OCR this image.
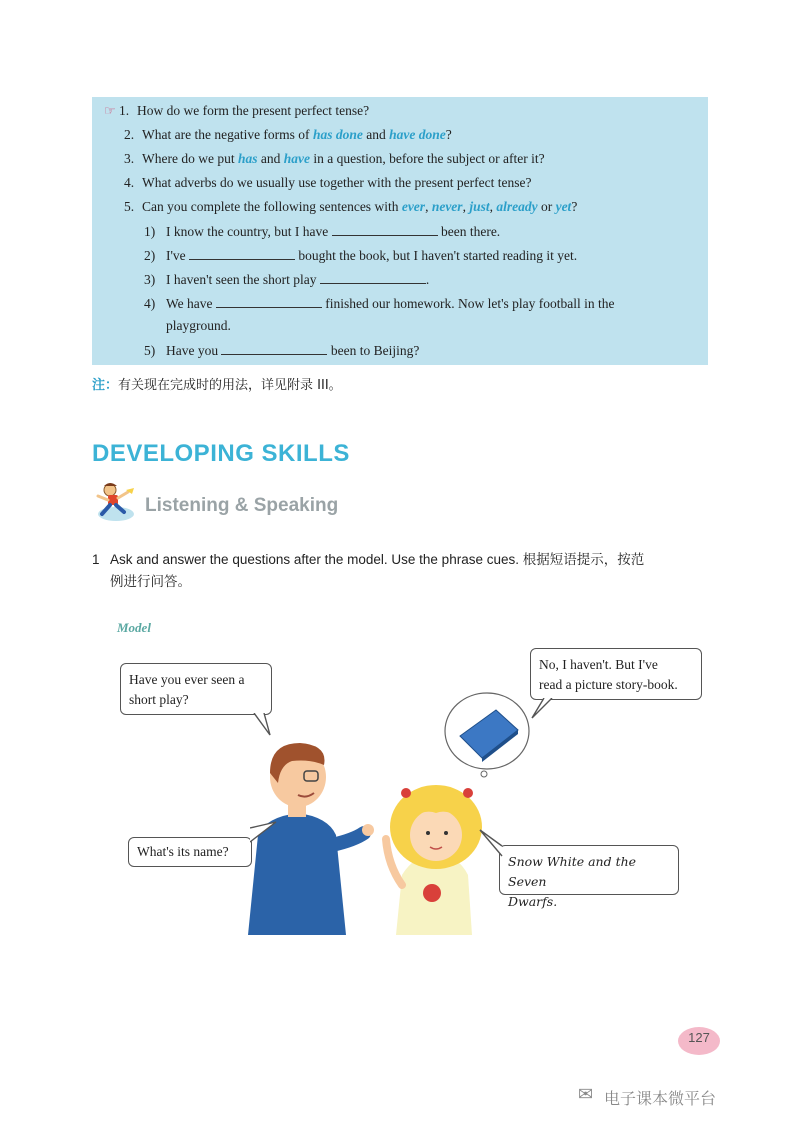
☞ 1. How do we form the present perfect tense?
2. What are the negative forms of has done and have done?
3. Where do we put has and have in a question, before the subject or after it?
4. What adverbs do we usually use together with the present perfect tense?
5. Can you complete the following sentences with ever, never, just, already or yet?
1) I know the country, but I have	been there.
2) I've	bought the book, but I haven't started reading it yet.
3) I haven't seen the short play	.
4) We have	finished our homework. Now let's play football in the
playground.
5) Have you	been to Beijing?
注：有关现在完成时的用法，详见附录 III。
DEVELOPING SKILLS
Listening & Speaking
1 Ask and answer the questions after the model. Use the phrase cues. 根据短语提示，按范
例进行问答。
Model
Have you ever seen a
short play?
No, I haven't. But I've
read a picture story-book.
What's its name?
Snow White and the Seven
Dwarfs.
127
✉ 电子课本微平台
